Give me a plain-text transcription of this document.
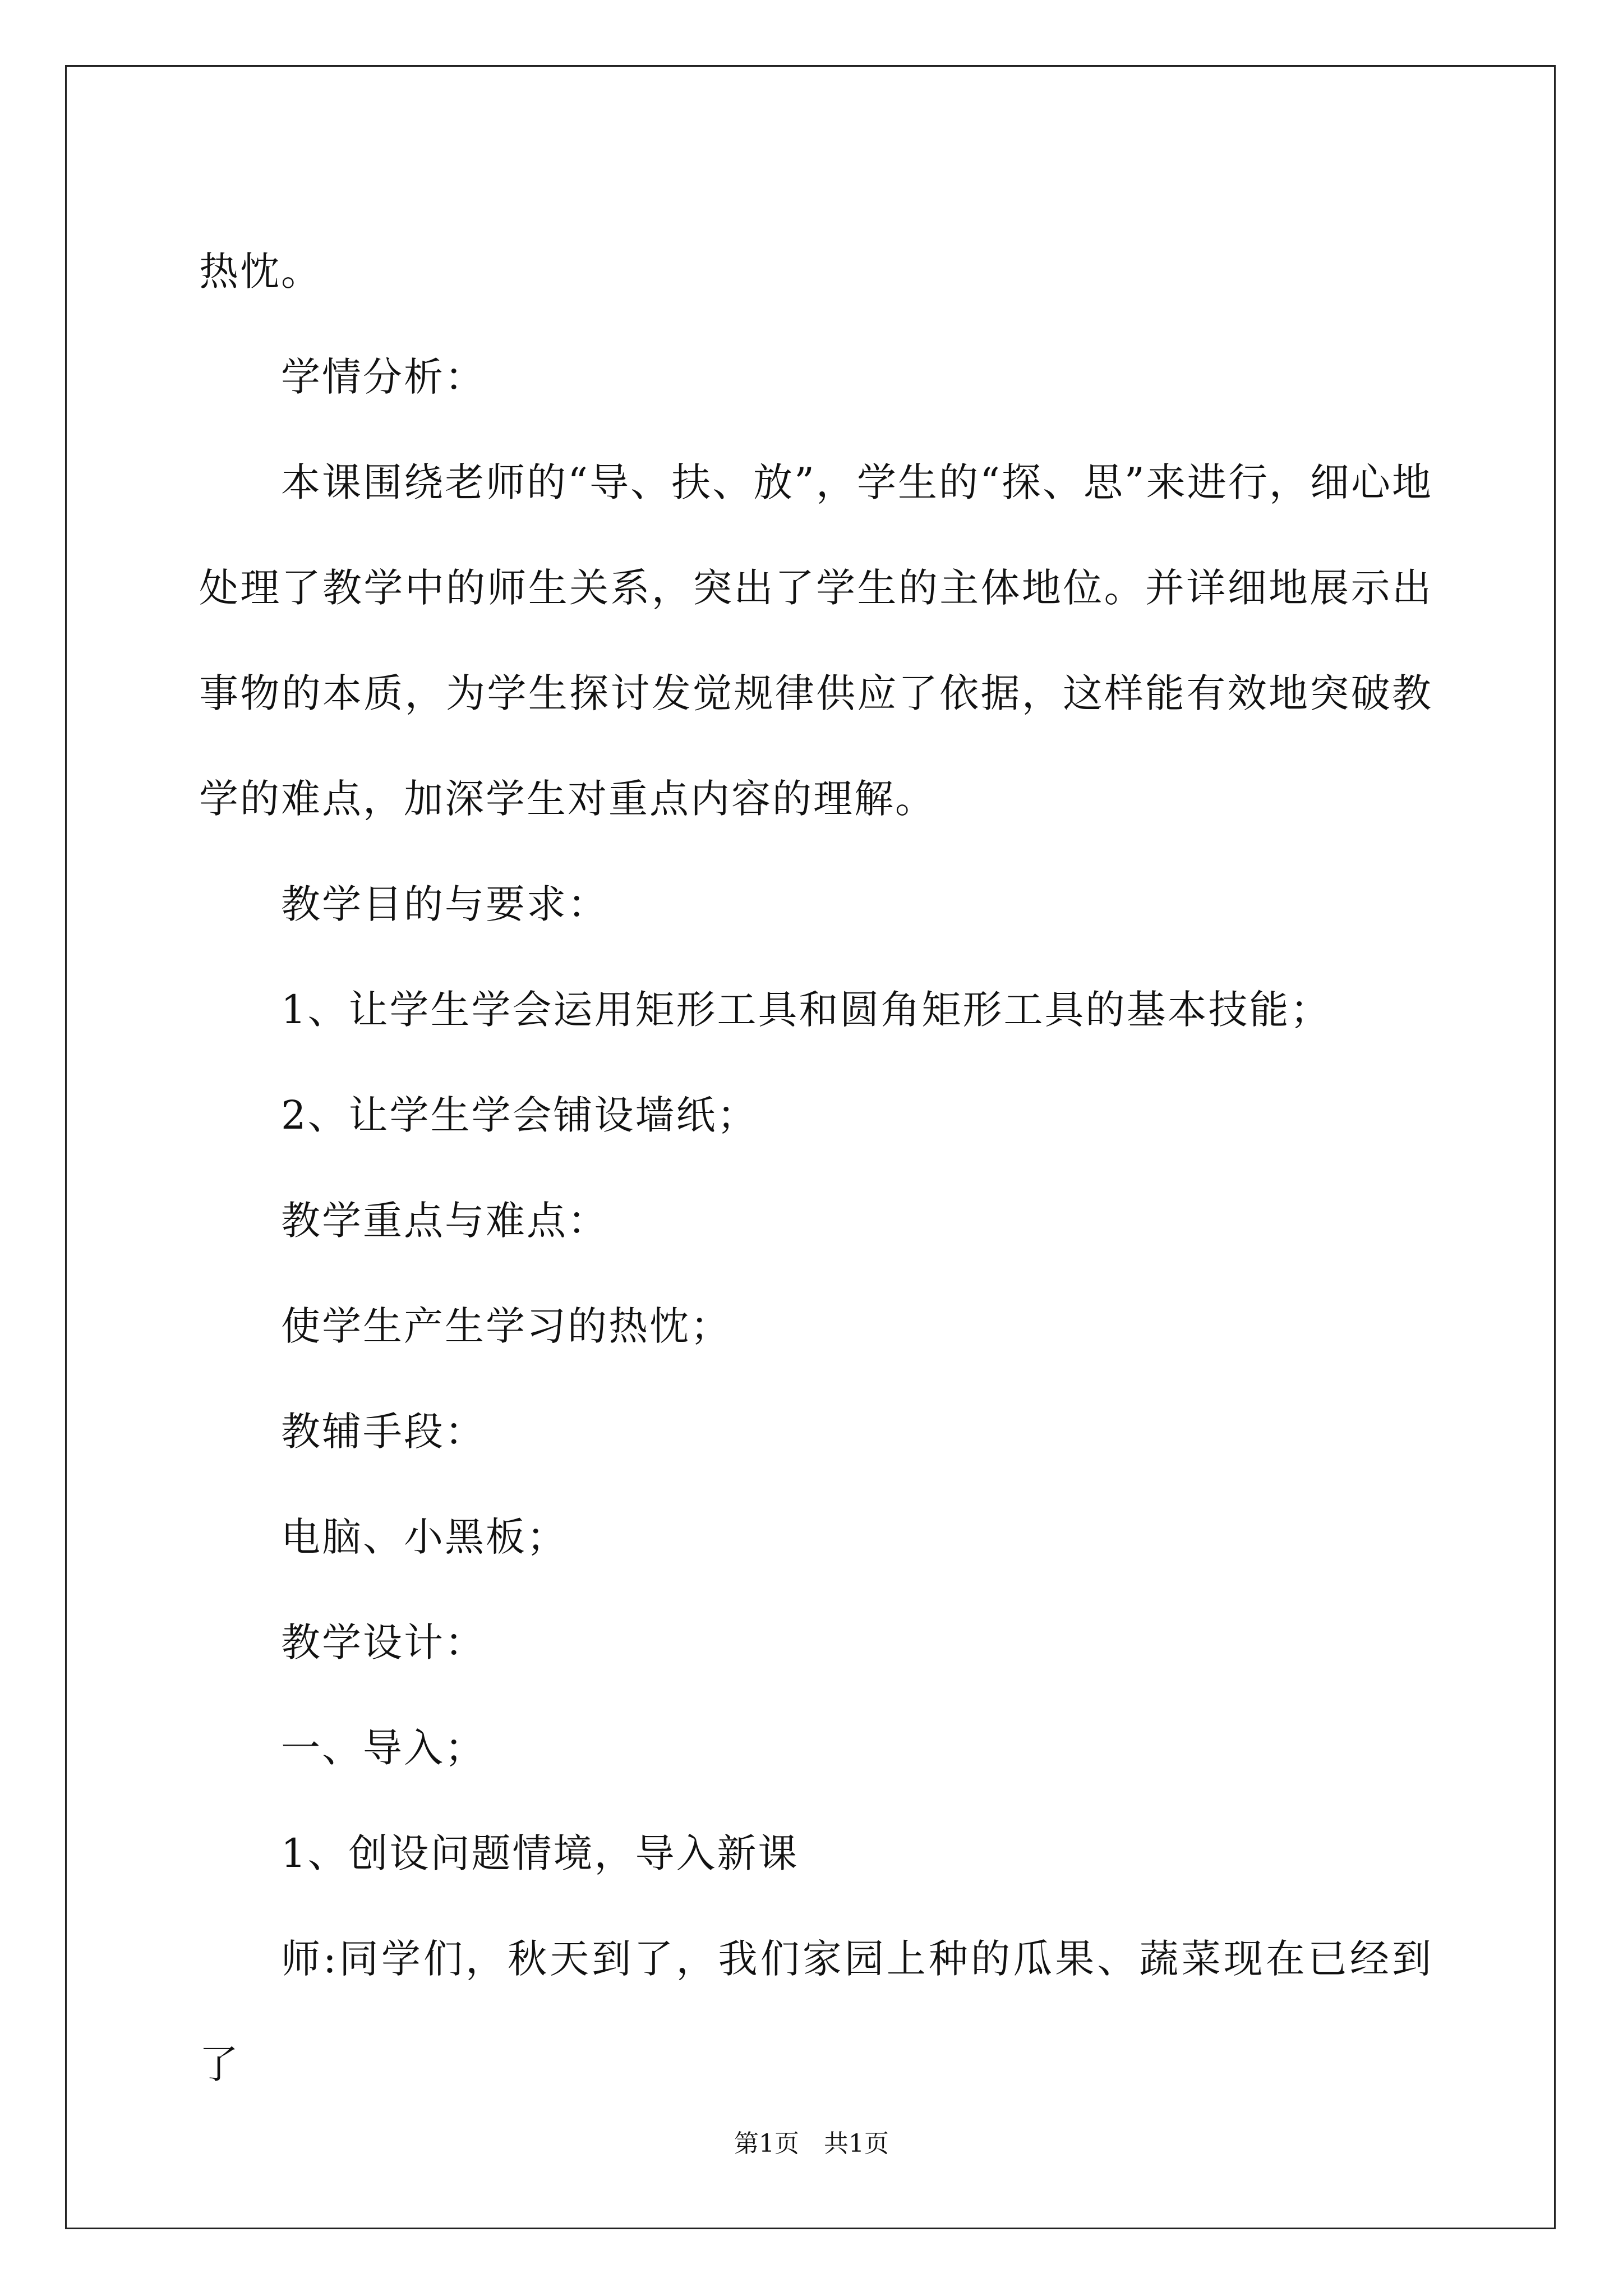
热忱。

学情分析：

本课围绕老师的“导、扶、放”，学生的“探、思”来进行，细心地处理了教学中的师生关系，突出了学生的主体地位。并详细地展示出事物的本质，为学生探讨发觉规律供应了依据，这样能有效地突破教学的难点，加深学生对重点内容的理解。

教学目的与要求：

1、让学生学会运用矩形工具和圆角矩形工具的基本技能；

2、让学生学会铺设墙纸；

教学重点与难点：

使学生产生学习的热忱；

教辅手段：

电脑、小黑板；

教学设计：

一、导入；

1、创设问题情境，导入新课

师:同学们，秋天到了，我们家园上种的瓜果、蔬菜现在已经到了

第1页　共1页
